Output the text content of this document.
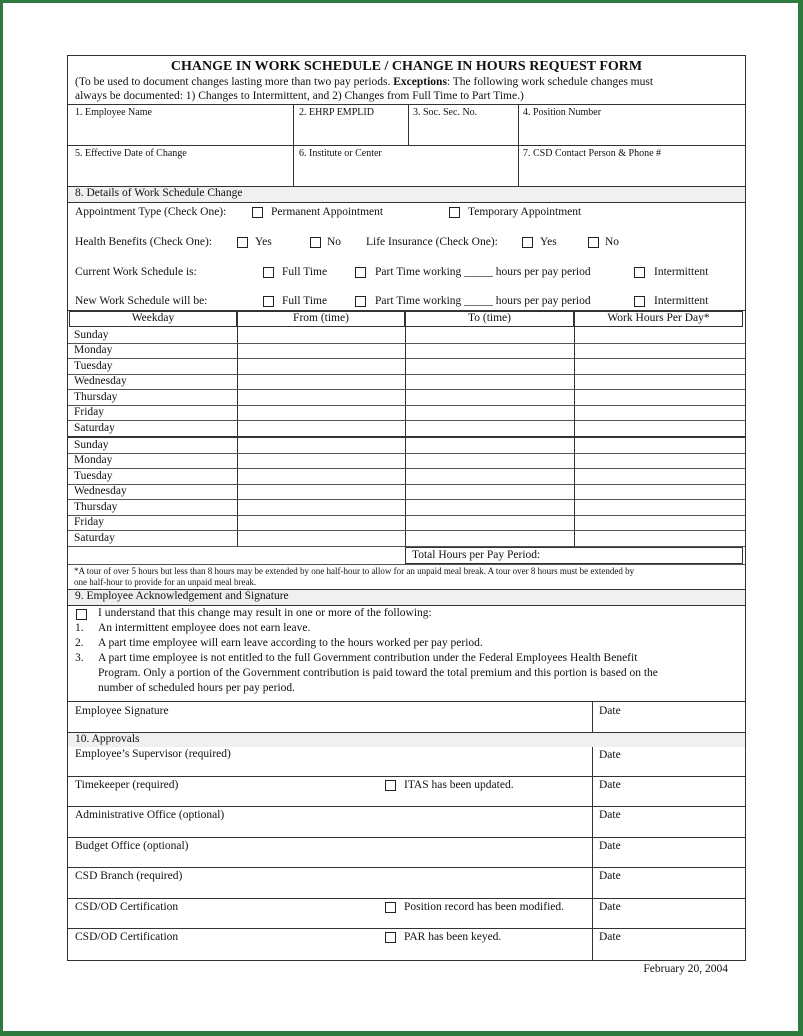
CHANGE IN WORK SCHEDULE / CHANGE IN HOURS REQUEST FORM
(To be used to document changes lasting more than two pay periods. Exceptions: The following work schedule changes must
always be documented: 1) Changes to Intermittent, and 2) Changes from Full Time to Part Time.)
1. Employee Name	2. EHRP EMPLID	3. Soc. Sec. No.	4. Position Number
5. Effective Date of Change	6. Institute or Center	7. CSD Contact Person & Phone #
8. Details of Work Schedule Change
Appointment Type (Check One):	Permanent Appointment	Temporary Appointment
Health Benefits (Check One):	Yes	No Life Insurance (Check One):	Yes	No
Current Work Schedule is:	Full Time	Part Time working _____ hours per pay period	Intermittent
New Work Schedule will be:	Full Time	Part Time working _____ hours per pay period	Intermittent
Weekday	From (time)	To (time)	Work Hours Per Day*
Sunday
Monday
Tuesday
Wednesday
Thursday
Friday
Saturday
Sunday
Monday
Tuesday
Wednesday
Thursday
Friday
Saturday
Total Hours per Pay Period:
*A tour of over 5 hours but less than 8 hours may be extended by one half-hour to allow for an unpaid meal break. A tour over 8 hours must be extended by
one half-hour to provide for an unpaid meal break.
9. Employee Acknowledgement and Signature
I understand that this change may result in one or more of the following:
1. An intermittent employee does not earn leave.
2. A part time employee will earn leave according to the hours worked per pay period.
3. A part time employee is not entitled to the full Government contribution under the Federal Employees Health Benefit
Program. Only a portion of the Government contribution is paid toward the total premium and this portion is based on the
number of scheduled hours per pay period.
Employee Signature	Date
10. Approvals
Employee’s Supervisor (required)	Date
Timekeeper (required)	ITAS has been updated.	Date
Administrative Office (optional)	Date
Budget Office (optional)	Date
CSD Branch (required)	Date
CSD/OD Certification	Position record has been modified.	Date
CSD/OD Certification	PAR has been keyed.	Date
February 20, 2004
